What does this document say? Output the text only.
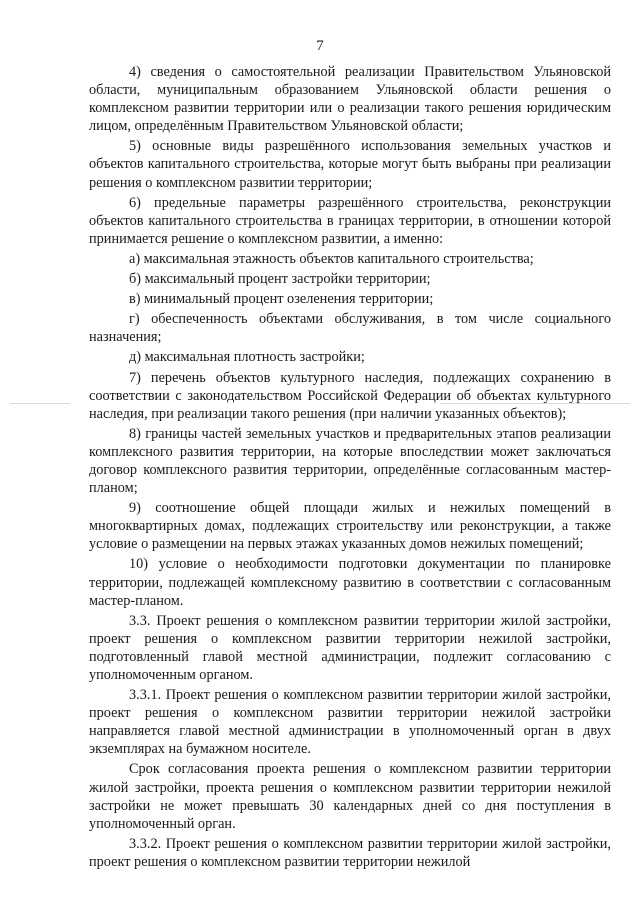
7

4) сведения о самостоятельной реализации Правительством Ульяновской области, муниципальным образованием Ульяновской области решения о комплексном развитии территории или о реализации такого решения юридическим лицом, определённым Правительством Ульяновской области;

5) основные виды разрешённого использования земельных участков и объектов капитального строительства, которые могут быть выбраны при реализации решения о комплексном развитии территории;

6) предельные параметры разрешённого строительства, реконструкции объектов капитального строительства в границах территории, в отношении которой принимается решение о комплексном развитии, а именно:

а) максимальная этажность объектов капитального строительства;

б) максимальный процент застройки территории;

в) минимальный процент озеленения территории;

г) обеспеченность объектами обслуживания, в том числе социального назначения;

д) максимальная плотность застройки;

7) перечень объектов культурного наследия, подлежащих сохранению в соответствии с законодательством Российской Федерации об объектах культурного наследия, при реализации такого решения (при наличии указанных объектов);

8) границы частей земельных участков и предварительных этапов реализации комплексного развития территории, на которые впоследствии может заключаться договор комплексного развития территории, определённые согласованным мастер-планом;

9) соотношение общей площади жилых и нежилых помещений в многоквартирных домах, подлежащих строительству или реконструкции, а также условие о размещении на первых этажах указанных домов нежилых помещений;

10) условие о необходимости подготовки документации по планировке территории, подлежащей комплексному развитию в соответствии с согласованным мастер-планом.

3.3. Проект решения о комплексном развитии территории жилой застройки, проект решения о комплексном развитии территории нежилой застройки, подготовленный главой местной администрации, подлежит согласованию с уполномоченным органом.

3.3.1. Проект решения о комплексном развитии территории жилой застройки, проект решения о комплексном развитии территории нежилой застройки направляется главой местной администрации в уполномоченный орган в двух экземплярах на бумажном носителе.

Срок согласования проекта решения о комплексном развитии территории жилой застройки, проекта решения о комплексном развитии территории нежилой застройки не может превышать 30 календарных дней со дня поступления в уполномоченный орган.

3.3.2. Проект решения о комплексном развитии территории жилой застройки, проект решения о комплексном развитии территории нежилой
